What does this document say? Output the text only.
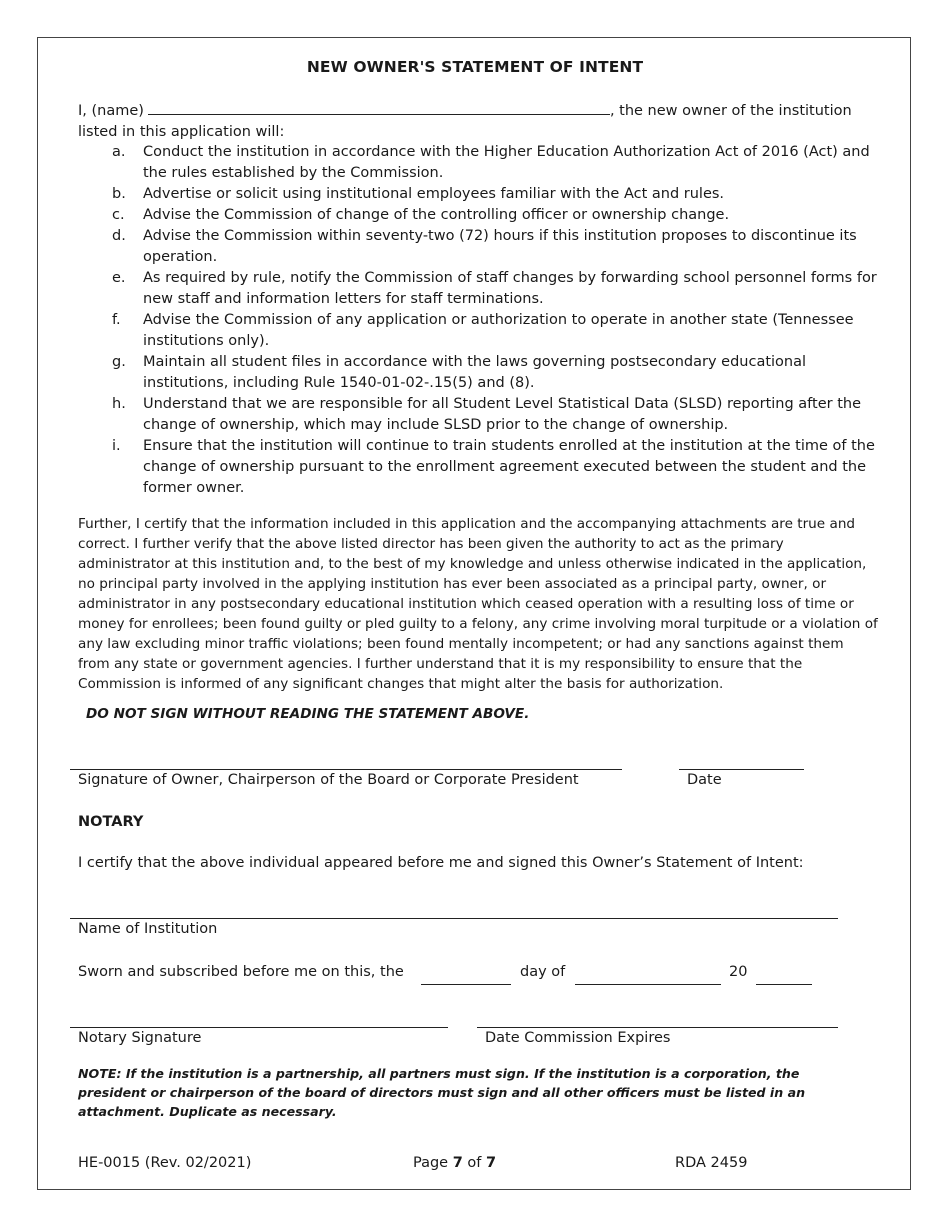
NEW OWNER'S STATEMENT OF INTENT
I, (name)	, the new owner of the institution
listed in this application will:
a. Conduct the institution in accordance with the Higher Education Authorization Act of 2016 (Act) and the rules established by the Commission.
b. Advertise or solicit using institutional employees familiar with the Act and rules.
c. Advise the Commission of change of the controlling officer or ownership change.
d. Advise the Commission within seventy-two (72) hours if this institution proposes to discontinue its operation.
e. As required by rule, notify the Commission of staff changes by forwarding school personnel forms for new staff and information letters for staff terminations.
f. Advise the Commission of any application or authorization to operate in another state (Tennessee institutions only).
g. Maintain all student files in accordance with the laws governing postsecondary educational institutions, including Rule 1540-01-02-.15(5) and (8).
h. Understand that we are responsible for all Student Level Statistical Data (SLSD) reporting after the change of ownership, which may include SLSD prior to the change of ownership.
i. Ensure that the institution will continue to train students enrolled at the institution at the time of the change of ownership pursuant to the enrollment agreement executed between the student and the former owner.
Further, I certify that the information included in this application and the accompanying attachments are true and correct. I further verify that the above listed director has been given the authority to act as the primary administrator at this institution and, to the best of my knowledge and unless otherwise indicated in the application, no principal party involved in the applying institution has ever been associated as a principal party, owner, or administrator in any postsecondary educational institution which ceased operation with a resulting loss of time or money for enrollees; been found guilty or pled guilty to a felony, any crime involving moral turpitude or a violation of any law excluding minor traffic violations; been found mentally incompetent; or had any sanctions against them from any state or government agencies. I further understand that it is my responsibility to ensure that the Commission is informed of any significant changes that might alter the basis for authorization.
DO NOT SIGN WITHOUT READING THE STATEMENT ABOVE.
Signature of Owner, Chairperson of the Board or Corporate President	Date
NOTARY
I certify that the above individual appeared before me and signed this Owner’s Statement of Intent:
Name of Institution
Sworn and subscribed before me on this, the	day of	20
Notary Signature	Date Commission Expires
NOTE: If the institution is a partnership, all partners must sign. If the institution is a corporation, the president or chairperson of the board of directors must sign and all other officers must be listed in an attachment. Duplicate as necessary.
HE-0015 (Rev. 02/2021)	Page 7 of 7	RDA 2459
